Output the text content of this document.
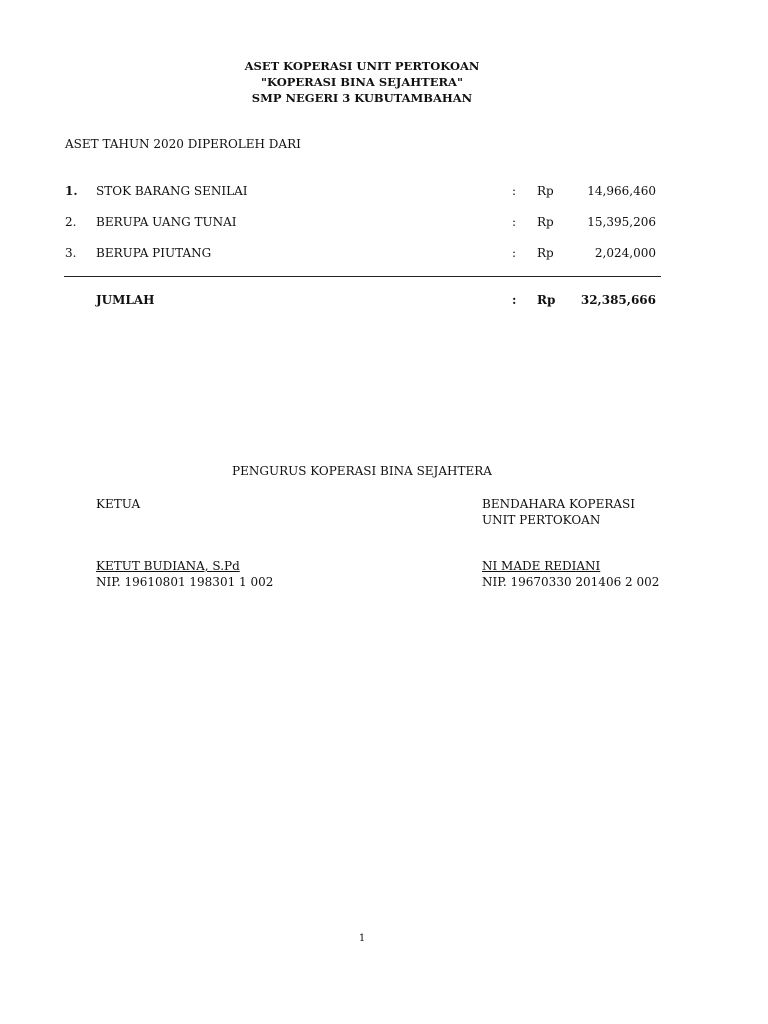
ASET KOPERASI UNIT PERTOKOAN
"KOPERASI BINA SEJAHTERA"
SMP NEGERI 3 KUBUTAMBAHAN
ASET TAHUN 2020 DIPEROLEH DARI
1. STOK BARANG SENILAI	: Rp	14,966,460
2. BERUPA UANG TUNAI	: Rp	15,395,206
3. BERUPA PIUTANG	: Rp	2,024,000
JUMLAH	: Rp 32,385,666
PENGURUS KOPERASI BINA SEJAHTERA
KETUA	BENDAHARA KOPERASI
UNIT PERTOKOAN
KETUT BUDIANA, S.Pd
NIP. 19610801 198301 1 002
NI MADE REDIANI
NIP. 19670330 201406 2 002
1
